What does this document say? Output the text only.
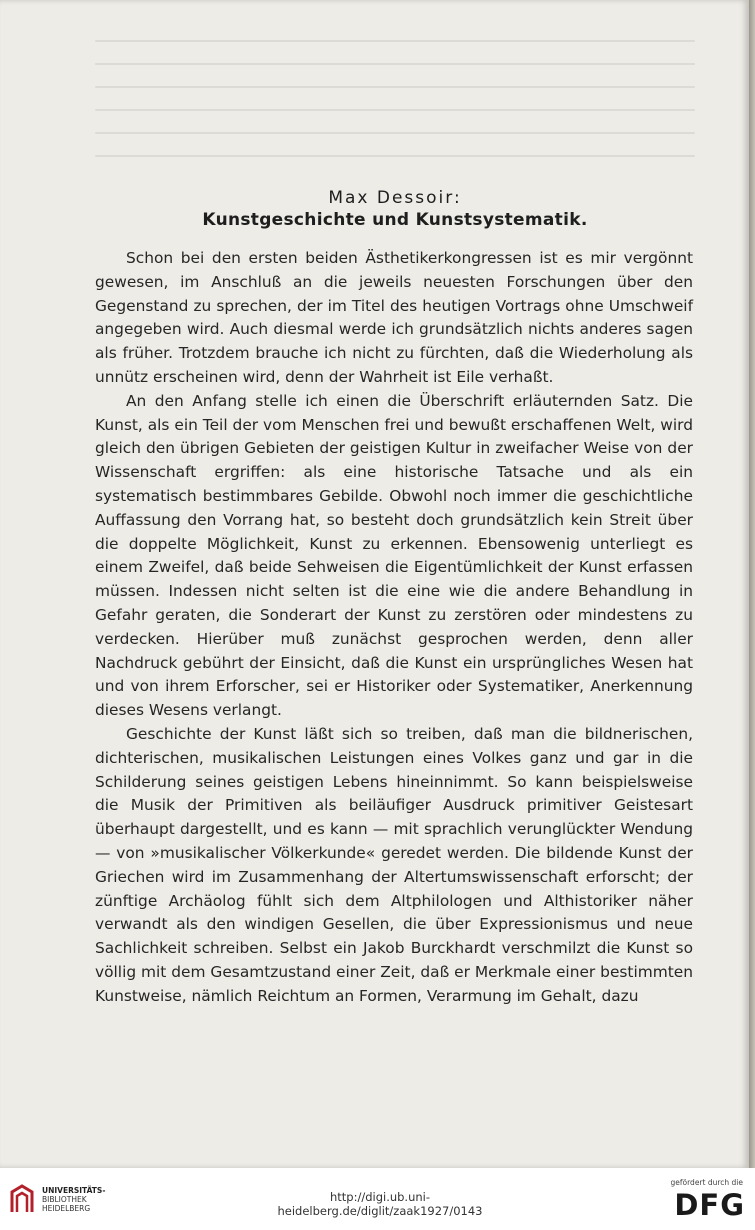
Max Dessoir:
Kunstgeschichte und Kunstsystematik.

Schon bei den ersten beiden Ästhetikerkongressen ist es mir vergönnt gewesen, im Anschluß an die jeweils neuesten Forschungen über den Gegenstand zu sprechen, der im Titel des heutigen Vortrags ohne Umschweif angegeben wird. Auch diesmal werde ich grundsätzlich nichts anderes sagen als früher. Trotzdem brauche ich nicht zu fürchten, daß die Wiederholung als unnütz erscheinen wird, denn der Wahrheit ist Eile verhaßt.

An den Anfang stelle ich einen die Überschrift erläuternden Satz. Die Kunst, als ein Teil der vom Menschen frei und bewußt erschaffenen Welt, wird gleich den übrigen Gebieten der geistigen Kultur in zweifacher Weise von der Wissenschaft ergriffen: als eine historische Tatsache und als ein systematisch bestimmbares Gebilde. Obwohl noch immer die geschichtliche Auffassung den Vorrang hat, so besteht doch grundsätzlich kein Streit über die doppelte Möglichkeit, Kunst zu erkennen. Ebensowenig unterliegt es einem Zweifel, daß beide Sehweisen die Eigentümlichkeit der Kunst erfassen müssen. Indessen nicht selten ist die eine wie die andere Behandlung in Gefahr geraten, die Sonderart der Kunst zu zerstören oder mindestens zu verdecken. Hierüber muß zunächst gesprochen werden, denn aller Nachdruck gebührt der Einsicht, daß die Kunst ein ursprüngliches Wesen hat und von ihrem Erforscher, sei er Historiker oder Systematiker, Anerkennung dieses Wesens verlangt.

Geschichte der Kunst läßt sich so treiben, daß man die bildnerischen, dichterischen, musikalischen Leistungen eines Volkes ganz und gar in die Schilderung seines geistigen Lebens hineinnimmt. So kann beispielsweise die Musik der Primitiven als beiläufiger Ausdruck primitiver Geistesart überhaupt dargestellt, und es kann — mit sprachlich verunglückter Wendung — von »musikalischer Völkerkunde« geredet werden. Die bildende Kunst der Griechen wird im Zusammenhang der Altertumswissenschaft erforscht; der zünftige Archäolog fühlt sich dem Altphilologen und Althistoriker näher verwandt als den windigen Gesellen, die über Expressionismus und neue Sachlichkeit schreiben. Selbst ein Jakob Burckhardt verschmilzt die Kunst so völlig mit dem Gesamtzustand einer Zeit, daß er Merkmale einer bestimmten Kunstweise, nämlich Reichtum an Formen, Verarmung im Gehalt, dazu

UNIVERSITÄTS-
BIBLIOTHEK
HEIDELBERG
http://digi.ub.uni-heidelberg.de/diglit/zaak1927/0143
gefördert durch die
DFG
